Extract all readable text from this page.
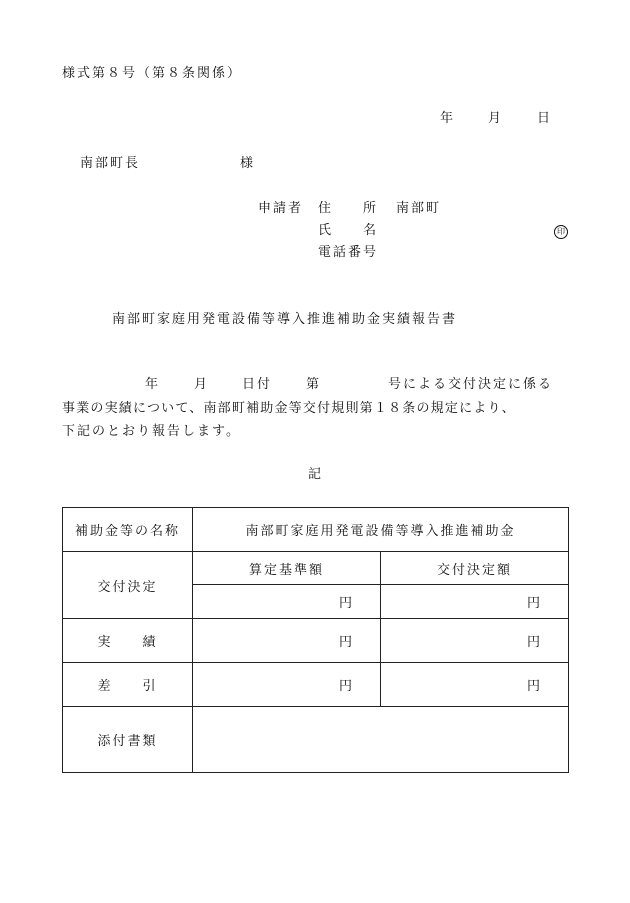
様式第８号（第８条関係）
年	月	日
南部町長	様
申請者 住　　所 南部町
氏　　名	印
電話番号
南部町家庭用発電設備等導入推進補助金実績報告書
年	月	日付	第	号による交付決定に係る
事業の実績について、南部町補助金等交付規則第１８条の規定により、
下記のとおり報告します。
記
補助金等の名称	南部町家庭用発電設備等導入推進補助金	
交付決定	算定基準額	交付決定額
	円	円
実　　績	円	円
差　　引	円	円
添付書類		
